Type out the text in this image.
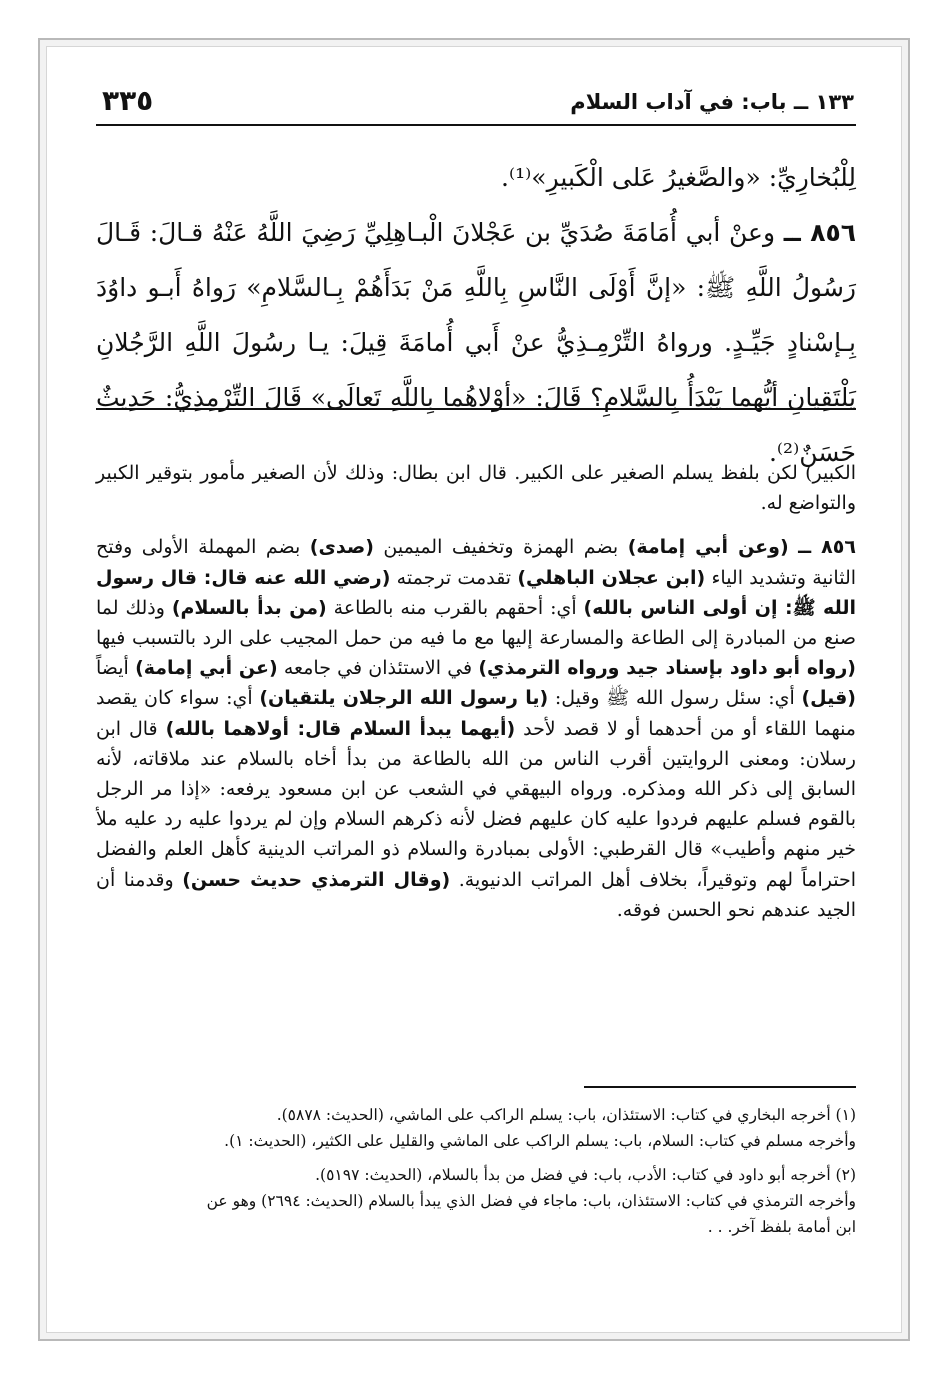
١٣٣ ــ باب: في آداب السلام
٣٣٥

لِلْبُخارِيِّ: «والصَّغيرُ عَلى الْكَبيرِ»⁽¹⁾.

٨٥٦ ــ وعنْ أبي أُمَامَةَ صُدَيِّ بن عَجْلانَ الْبـاهِلِيِّ رَضِيَ اللَّهُ عَنْهُ قـالَ: قَـالَ رَسُولُ اللَّهِ ﷺ: «إنَّ أَوْلَى النَّاسِ بِاللَّهِ مَنْ بَدَأَهُمْ بِـالسَّلامِ» رَواهُ أَبـو داوُدَ بِـإسْنادٍ جَيِّـدٍ. ورواهُ التِّرْمِـذِيُّ عنْ أَبي أُمامَةَ قِيلَ: يـا رسُولَ اللَّهِ الرَّجُلانِ يَلْتَقِيانِ أيُّهما يَبْدَأُ بِالسَّلامِ؟ قَالَ: «أوْلاهُما بِاللَّهِ تَعالَى» قَالَ التِّرْمِذِيُّ: حَدِيثٌ حَسَنٌ⁽²⁾.

الكبير) لكن بلفظ يسلم الصغير على الكبير. قال ابن بطال: وذلك لأن الصغير مأمور بتوقير الكبير والتواضع له.

٨٥٦ ــ (وعن أبي إمامة) بضم الهمزة وتخفيف الميمين (صدى) بضم المهملة الأولى وفتح الثانية وتشديد الياء (ابن عجلان الباهلي) تقدمت ترجمته (رضي الله عنه قال: قال رسول الله ﷺ: إن أولى الناس بالله) أي: أحقهم بالقرب منه بالطاعة (من بدأ بالسلام) وذلك لما صنع من المبادرة إلى الطاعة والمسارعة إليها مع ما فيه من حمل المجيب على الرد بالتسبب فيها (رواه أبو داود بإسناد جيد ورواه الترمذي) في الاستئذان في جامعه (عن أبي إمامة) أيضاً (قيل) أي: سئل رسول الله ﷺ وقيل: (يا رسول الله الرجلان يلتقيان) أي: سواء كان يقصد منهما اللقاء أو من أحدهما أو لا قصد لأحد (أيهما يبدأ السلام قال: أولاهما بالله) قال ابن رسلان: ومعنى الروايتين أقرب الناس من الله بالطاعة من بدأ أخاه بالسلام عند ملاقاته، لأنه السابق إلى ذكر الله ومذكره. ورواه البيهقي في الشعب عن ابن مسعود يرفعه: «إذا مر الرجل بالقوم فسلم عليهم فردوا عليه كان عليهم فضل لأنه ذكرهم السلام وإن لم يردوا عليه رد عليه ملأ خير منهم وأطيب» قال القرطبي: الأولى بمبادرة والسلام ذو المراتب الدينية كأهل العلم والفضل احتراماً لهم وتوقيراً، بخلاف أهل المراتب الدنيوية. (وقال الترمذي حديث حسن) وقدمنا أن الجيد عندهم نحو الحسن فوقه.

(١) أخرجه البخاري في كتاب: الاستئذان، باب: يسلم الراكب على الماشي، (الحديث: ٥٨٧٨).

وأخرجه مسلم في كتاب: السلام، باب: يسلم الراكب على الماشي والقليل على الكثير، (الحديث: ١).

(٢) أخرجه أبو داود في كتاب: الأدب، باب: في فضل من بدأ بالسلام، (الحديث: ٥١٩٧).

وأخرجه الترمذي في كتاب: الاستئذان، باب: ماجاء في فضل الذي يبدأ بالسلام (الحديث: ٢٦٩٤) وهو عن

ابن أمامة بلفظ آخر. . .
